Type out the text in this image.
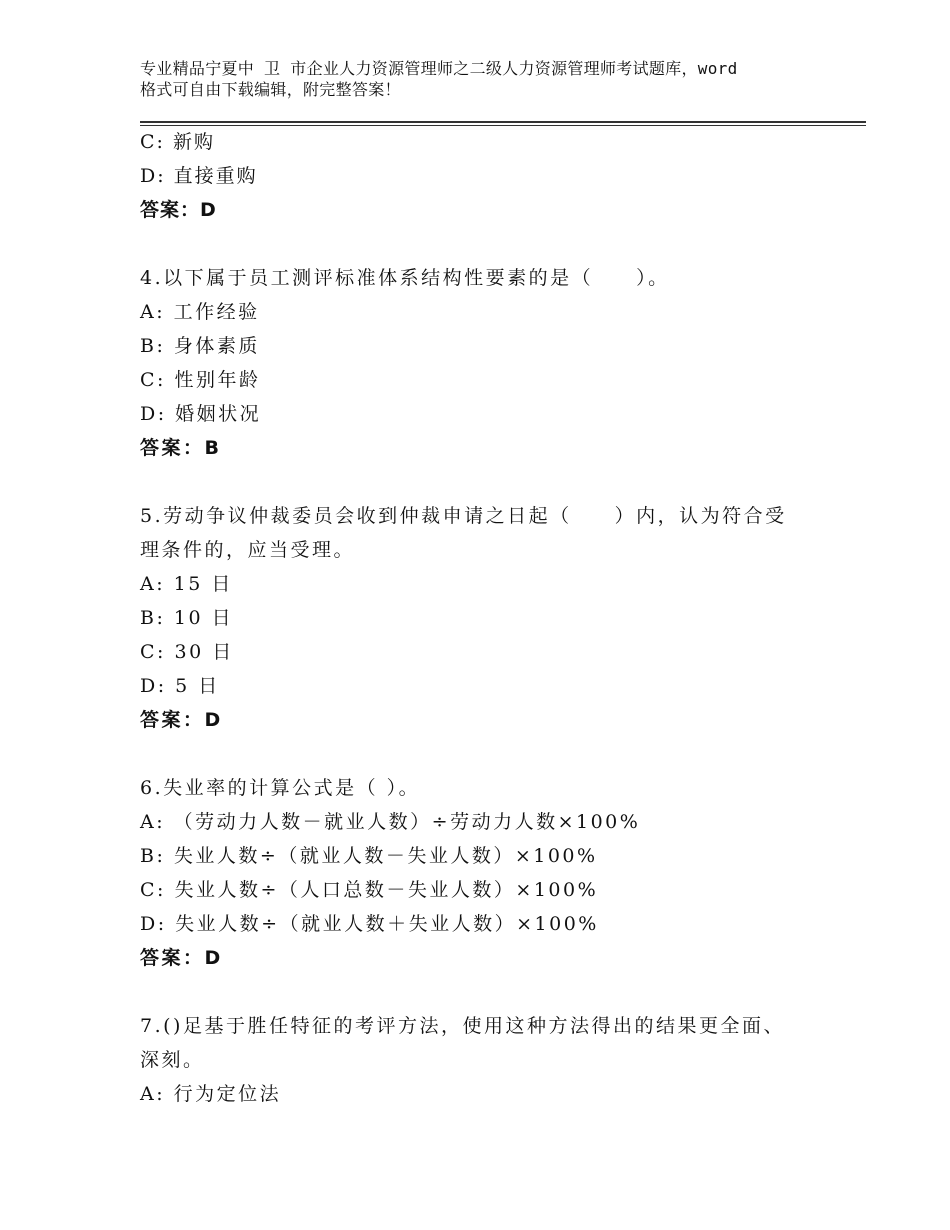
专业精品宁夏中 卫 市企业人力资源管理师之二级人力资源管理师考试题库，word
格式可自由下载编辑，附完整答案！
C: 新购
D: 直接重购
答案：D
4.以下属于员工测评标准体系结构性要素的是（　　）。
A: 工作经验
B: 身体素质
C: 性别年龄
D: 婚姻状况
答案：B
5.劳动争议仲裁委员会收到仲裁申请之日起（　　）内，认为符合受
理条件的，应当受理。
A: 15 日
B: 10 日
C: 30 日
D: 5 日
答案：D
6.失业率的计算公式是（ ）。
A: （劳动力人数－就业人数）÷劳动力人数×100%
B: 失业人数÷（就业人数－失业人数）×100%
C: 失业人数÷（人口总数－失业人数）×100%
D: 失业人数÷（就业人数＋失业人数）×100%
答案：D
7.()足基于胜任特征的考评方法，使用这种方法得出的结果更全面、
深刻。
A: 行为定位法
